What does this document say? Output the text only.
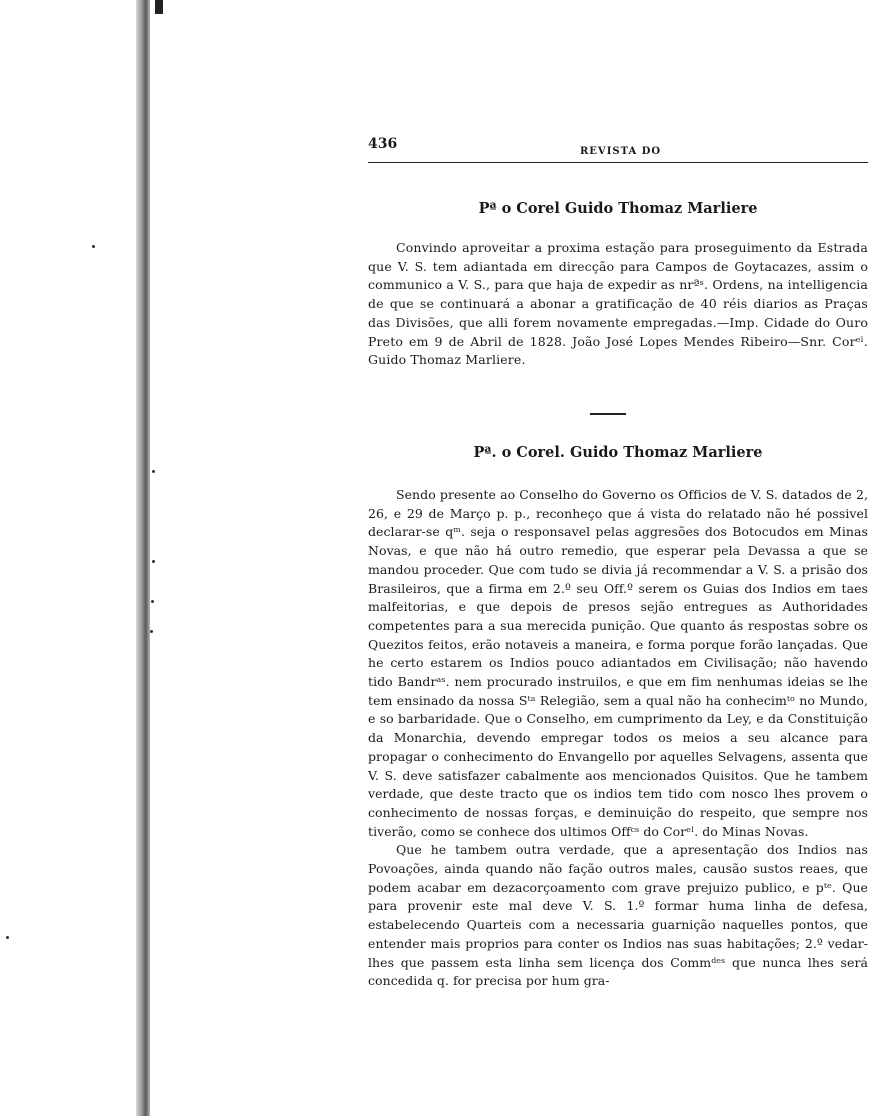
436	REVISTA DO
Pª o Corel Guido Thomaz Marliere

Convindo aproveitar a proxima estação para proseguimento da Estrada que V. S. tem adiantada em direcção para Campos de Goytacazes, assim o communico a V. S., para que haja de expedir as nrªˢ. Ordens, na intelligencia de que se continuará a abonar a gratificação de 40 réis diarios as Praças das Divisões, que alli forem novamente empregadas.—Imp. Cidade do Ouro Preto em 9 de Abril de 1828. João José Lopes Mendes Ribeiro—Snr. Corᵉˡ. Guido Thomaz Marliere.

Pª. o Corel. Guido Thomaz Marliere

Sendo presente ao Conselho do Governo os Officios de V. S. datados de 2, 26, e 29 de Março p. p., reconheço que á vista do relatado não hé possivel declarar-se qᵐ. seja o responsavel pelas aggresões dos Botocudos em Minas Novas, e que não há outro remedio, que esperar pela Devassa a que se mandou proceder. Que com tudo se divia já recommendar a V. S. a prisão dos Brasileiros, que a firma em 2.º seu Off.º serem os Guias dos Indios em taes malfeitorias, e que depois de presos sejão entregues as Authoridades competentes para a sua merecida punição. Que quanto ás respostas sobre os Quezitos feitos, erão notaveis a maneira, e forma porque forão lançadas. Que he certo estarem os Indios pouco adiantados em Civilisação; não havendo tido Bandrᵃˢ. nem procurado instruilos, e que em fim nenhumas ideias se lhe tem ensinado da nossa Sᵗᵃ Relegião, sem a qual não ha conhecimᵗᵒ no Mundo, e so barbaridade. Que o Conselho, em cumprimento da Ley, e da Constituição da Monarchia, devendo empregar todos os meios a seu alcance para propagar o conhecimento do Envangello por aquelles Selvagens, assenta que V. S. deve satisfazer cabalmente aos mencionados Quisitos. Que he tambem verdade, que deste tracto que os indios tem tido com nosco lhes provem o conhecimento de nossas forças, e deminuição do respeito, que sempre nos tiverão, como se conhece dos ultimos Offᶜˢ do Corᵉˡ. do Minas Novas.

Que he tambem outra verdade, que a apresentação dos Indios nas Povoações, ainda quando não fação outros males, causão sustos reaes, que podem acabar em dezacorçoamento com grave prejuizo publico, e pᵗᵉ. Que para provenir este mal deve V. S. 1.º formar huma linha de defesa, estabelecendo Quarteis com a necessaria guarnição naquelles pontos, que entender mais proprios para conter os Indios nas suas habitações; 2.º vedar-lhes que passem esta linha sem licença dos Commᵈᵉˢ que nunca lhes será concedida q. for precisa por hum gra-
